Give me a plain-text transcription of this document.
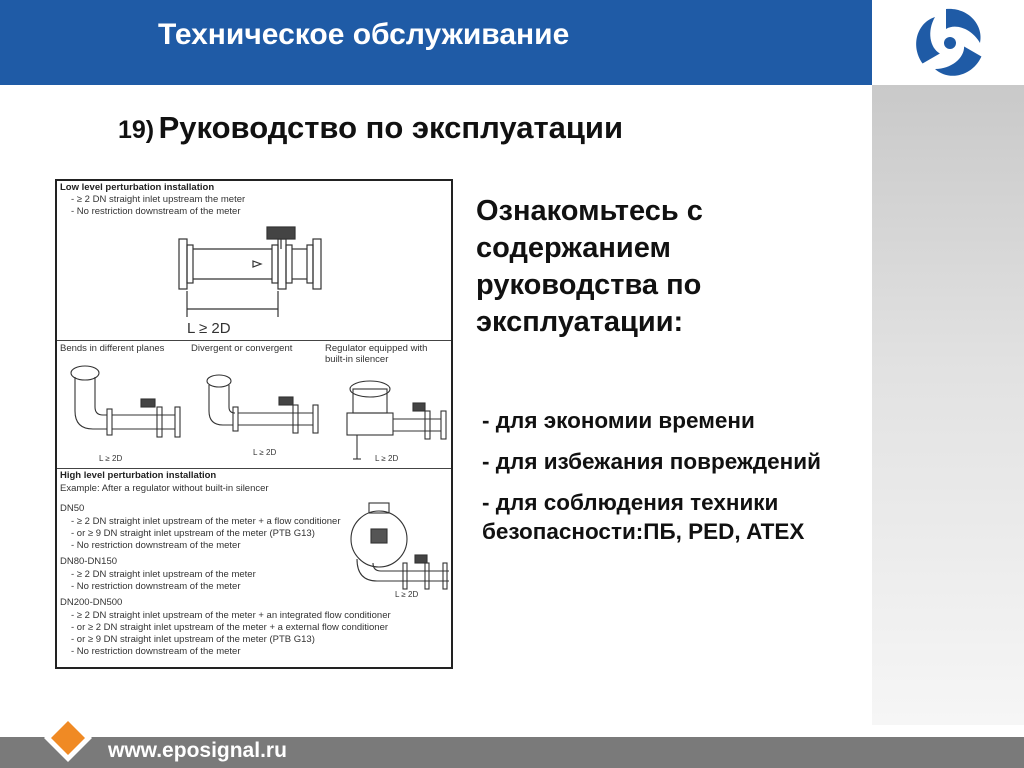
Техническое обслуживание
19) Руководство по эксплуатации
Low level perturbation installation
- ≥ 2 DN straight inlet upstream the meter
- No restriction downstream of the meter
L ≥ 2D
Bends in different planes	Divergent or convergent	Regulator equipped with
built-in silencer
L ≥ 2D
L ≥ 2D
L ≥ 2D
High level perturbation installation
Example: After a regulator without built-in silencer
DN50
- ≥ 2 DN straight inlet upstream of the meter + a flow conditioner
- or ≥ 9 DN straight inlet upstream of the meter (PTB G13)
- No restriction downstream of the meter
DN80-DN150
- ≥ 2 DN straight inlet upstream of the meter
- No restriction downstream of the meter
DN200-DN500
- ≥ 2 DN straight inlet upstream of the meter + an integrated flow conditioner
- or ≥ 2 DN straight inlet upstream of the meter + a external flow conditioner
- or ≥ 9 DN straight inlet upstream of the meter (PTB G13)
- No restriction downstream of the meter
L ≥ 2D
Ознакомьтесь с содержанием руководства по эксплуатации:
- для экономии времени
- для избежания повреждений
- для соблюдения техники безопасности:ПБ, PED, ATEX
www.eposignal.ru
